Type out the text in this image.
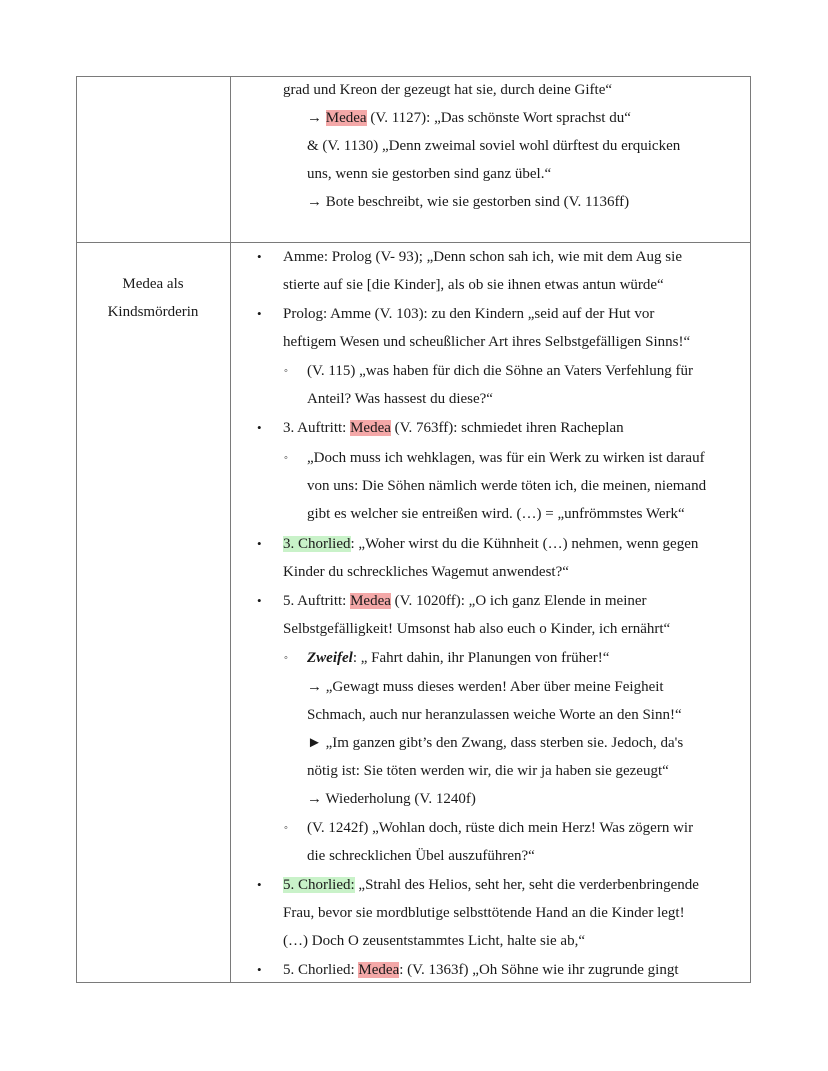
grad und Kreon der gezeugt hat sie, durch deine Gifte“
→ Medea (V. 1127): „Das schönste Wort sprachst du“
& (V. 1130) „Denn zweimal soviel wohl dürftest du erquicken
uns, wenn sie gestorben sind ganz übel.“
→ Bote beschreibt, wie sie gestorben sind (V. 1136ff)
Medea als
Kindsmörderin
• Amme: Prolog (V- 93); „Denn schon sah ich, wie mit dem Aug sie
stierte auf sie [die Kinder], als ob sie ihnen etwas antun würde“
• Prolog: Amme (V. 103): zu den Kindern „seid auf der Hut vor
heftigem Wesen und scheußlicher Art ihres Selbstgefälligen Sinns!“
◦ (V. 115) „was haben für dich die Söhne an Vaters Verfehlung für
Anteil? Was hassest du diese?“
• 3. Auftritt: Medea (V. 763ff): schmiedet ihren Racheplan
◦ „Doch muss ich wehklagen, was für ein Werk zu wirken ist darauf
von uns: Die Söhen nämlich werde töten ich, die meinen, niemand
gibt es welcher sie entreißen wird. (…) = „unfrömmstes Werk“
• 3. Chorlied: „Woher wirst du die Kühnheit (…) nehmen, wenn gegen
Kinder du schreckliches Wagemut anwendest?“
• 5. Auftritt: Medea (V. 1020ff): „O ich ganz Elende in meiner
Selbstgefälligkeit! Umsonst hab also euch o Kinder, ich ernährt“
◦ Zweifel: „ Fahrt dahin, ihr Planungen von früher!“
→ „Gewagt muss dieses werden! Aber über meine Feigheit
Schmach, auch nur heranzulassen weiche Worte an den Sinn!“
► „Im ganzen gibt’s den Zwang, dass sterben sie. Jedoch, da's
nötig ist: Sie töten werden wir, die wir ja haben sie gezeugt“
→ Wiederholung (V. 1240f)
◦ (V. 1242f) „Wohlan doch, rüste dich mein Herz! Was zögern wir
die schrecklichen Übel auszuführen?“
• 5. Chorlied: „Strahl des Helios, seht her, seht die verderbenbringende
Frau, bevor sie mordblutige selbsttötende Hand an die Kinder legt!
(…) Doch O zeusentstammtes Licht, halte sie ab,“
• 5. Chorlied: Medea: (V. 1363f) „Oh Söhne wie ihr zugrunde gingt
